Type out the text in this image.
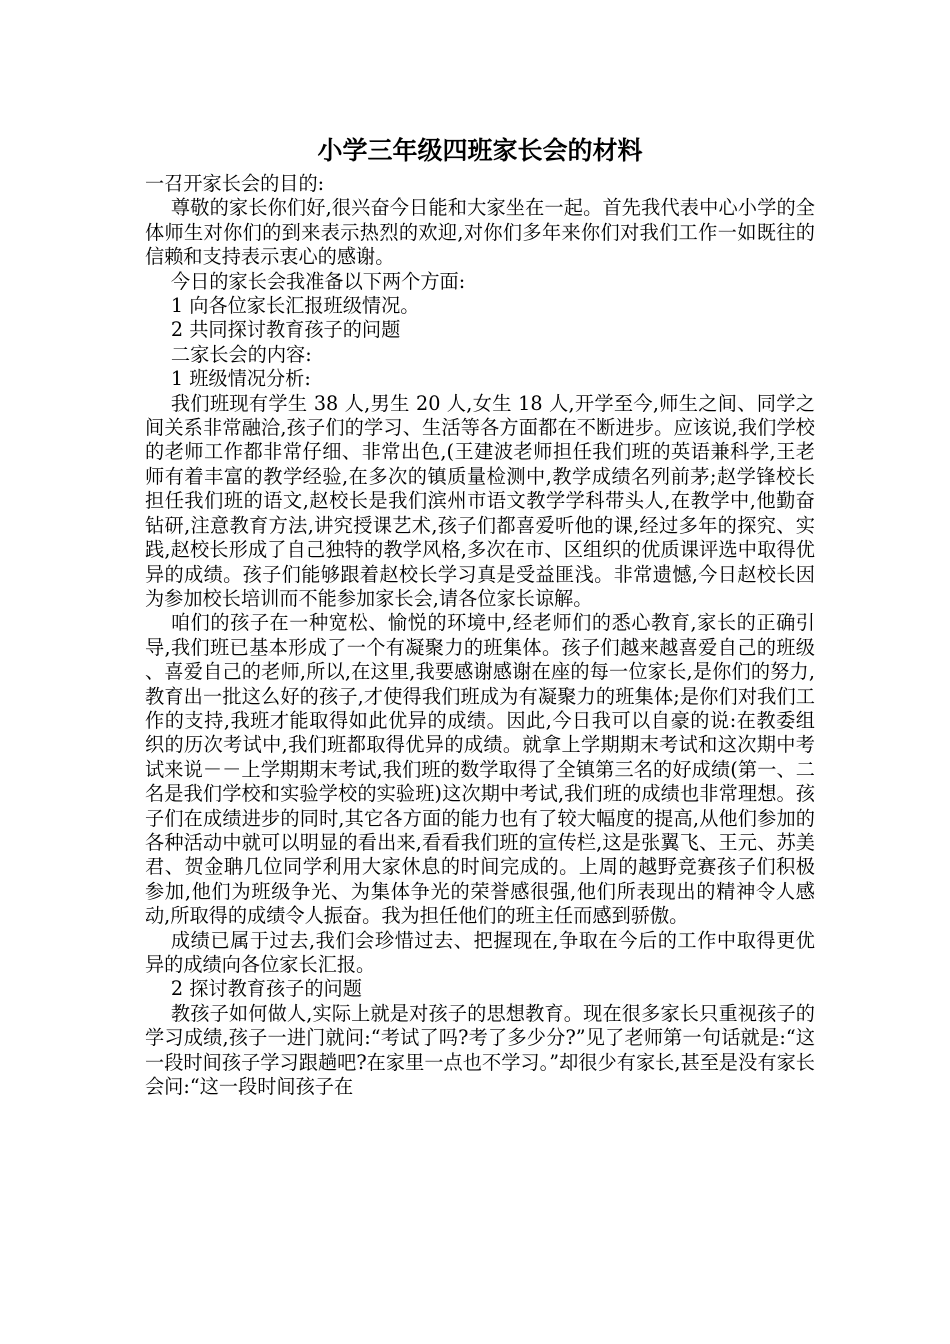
小学三年级四班家长会的材料

一召开家长会的目的:

尊敬的家长你们好,很兴奋今日能和大家坐在一起。首先我代表中心小学的全体师生对你们的到来表示热烈的欢迎,对你们多年来你们对我们工作一如既往的信赖和支持表示衷心的感谢。

今日的家长会我准备以下两个方面:

1 向各位家长汇报班级情况。

2 共同探讨教育孩子的问题

二家长会的内容:

1 班级情况分析:

我们班现有学生 38 人,男生 20 人,女生 18 人,开学至今,师生之间、同学之间关系非常融洽,孩子们的学习、生活等各方面都在不断进步。应该说,我们学校的老师工作都非常仔细、非常出色,(王建波老师担任我们班的英语兼科学,王老师有着丰富的教学经验,在多次的镇质量检测中,教学成绩名列前茅;赵学锋校长担任我们班的语文,赵校长是我们滨州市语文教学学科带头人,在教学中,他勤奋钻研,注意教育方法,讲究授课艺术,孩子们都喜爱听他的课,经过多年的探究、实践,赵校长形成了自己独特的教学风格,多次在市、区组织的优质课评选中取得优异的成绩。孩子们能够跟着赵校长学习真是受益匪浅。非常遗憾,今日赵校长因为参加校长培训而不能参加家长会,请各位家长谅解。

咱们的孩子在一种宽松、愉悦的环境中,经老师们的悉心教育,家长的正确引导,我们班已基本形成了一个有凝聚力的班集体。孩子们越来越喜爱自己的班级 、喜爱自己的老师,所以,在这里,我要感谢感谢在座的每一位家长,是你们的努力,教育出一批这么好的孩子,才使得我们班成为有凝聚力的班集体;是你们对我们工作的支持,我班才能取得如此优异的成绩。因此,今日我可以自豪的说:在教委组织的历次考试中,我们班都取得优异的成绩。就拿上学期期末考试和这次期中考试来说－－上学期期末考试,我们班的数学取得了全镇第三名的好成绩(第一、二名是我们学校和实验学校的实验班)这次期中考试,我们班的成绩也非常理想。孩子们在成绩进步的同时,其它各方面的能力也有了较大幅度的提高,从他们参加的各种活动中就可以明显的看出来,看看我们班的宣传栏,这是张翼飞、王元、苏美君、贺金聃几位同学利用大家休息的时间完成的。上周的越野竞赛孩子们积极参加,他们为班级争光、为集体争光的荣誉感很强,他们所表现出的精神令人感动,所取得的成绩令人振奋。我为担任他们的班主任而感到骄傲。

成绩已属于过去,我们会珍惜过去、把握现在,争取在今后的工作中取得更优异的成绩向各位家长汇报。

2 探讨教育孩子的问题

教孩子如何做人,实际上就是对孩子的思想教育。现在很多家长只重视孩子的学习成绩,孩子一进门就问:“考试了吗?考了多少分?”见了老师第一句话就是:“这一段时间孩子学习跟趟吧?在家里一点也不学习。”却很少有家长,甚至是没有家长会问:“这一段时间孩子在
